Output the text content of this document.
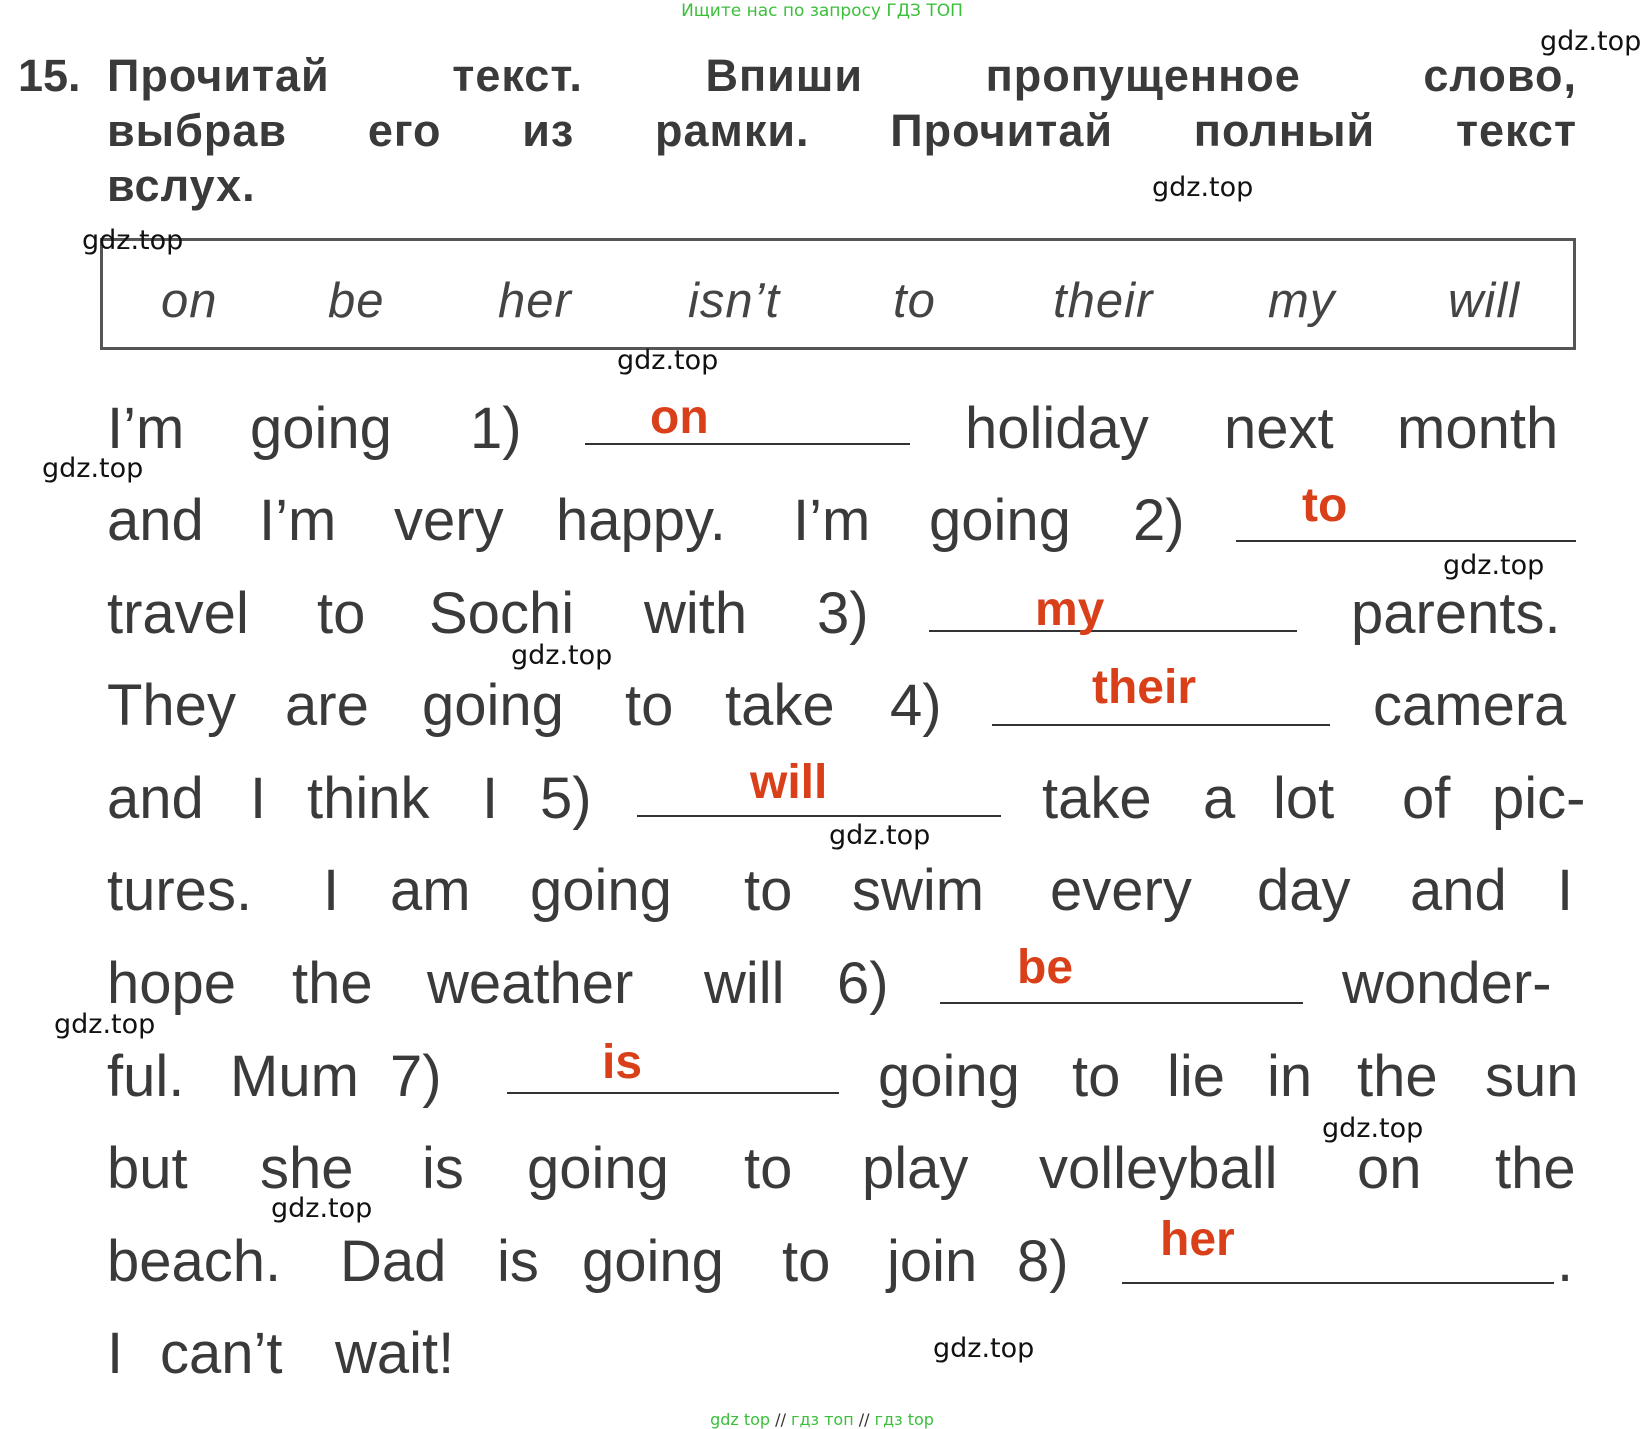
Ищите нас по запросу ГДЗ ТОП
15. Прочитай	текст.	Впиши	пропущенное	слово,
выбрав его из рамки. Прочитай полный текст
вслух.
on be her isn’t to their my will
I’m going 1)	holiday next month
on
and I’m very happy. I’m going 2) to
travel to Sochi with 3)	parents.
my
They are going to take 4)	camera
their
and I think I 5)	take a lot of pic-
will
tures. I am going to swim every day and I
hope the weather will 6)	wonder-
be
ful. Mum 7)	going to lie in the sun
is
but she is going to play volleyball on the
beach. Dad is going to join 8)	.
her
I can’t wait!
gdz.top
gdz.top
gdz.top
gdz.top
gdz.top
gdz.top
gdz.top
gdz.top
gdz.top
gdz.top
gdz.top
gdz.top
gdz top // гдз топ // гдз top
